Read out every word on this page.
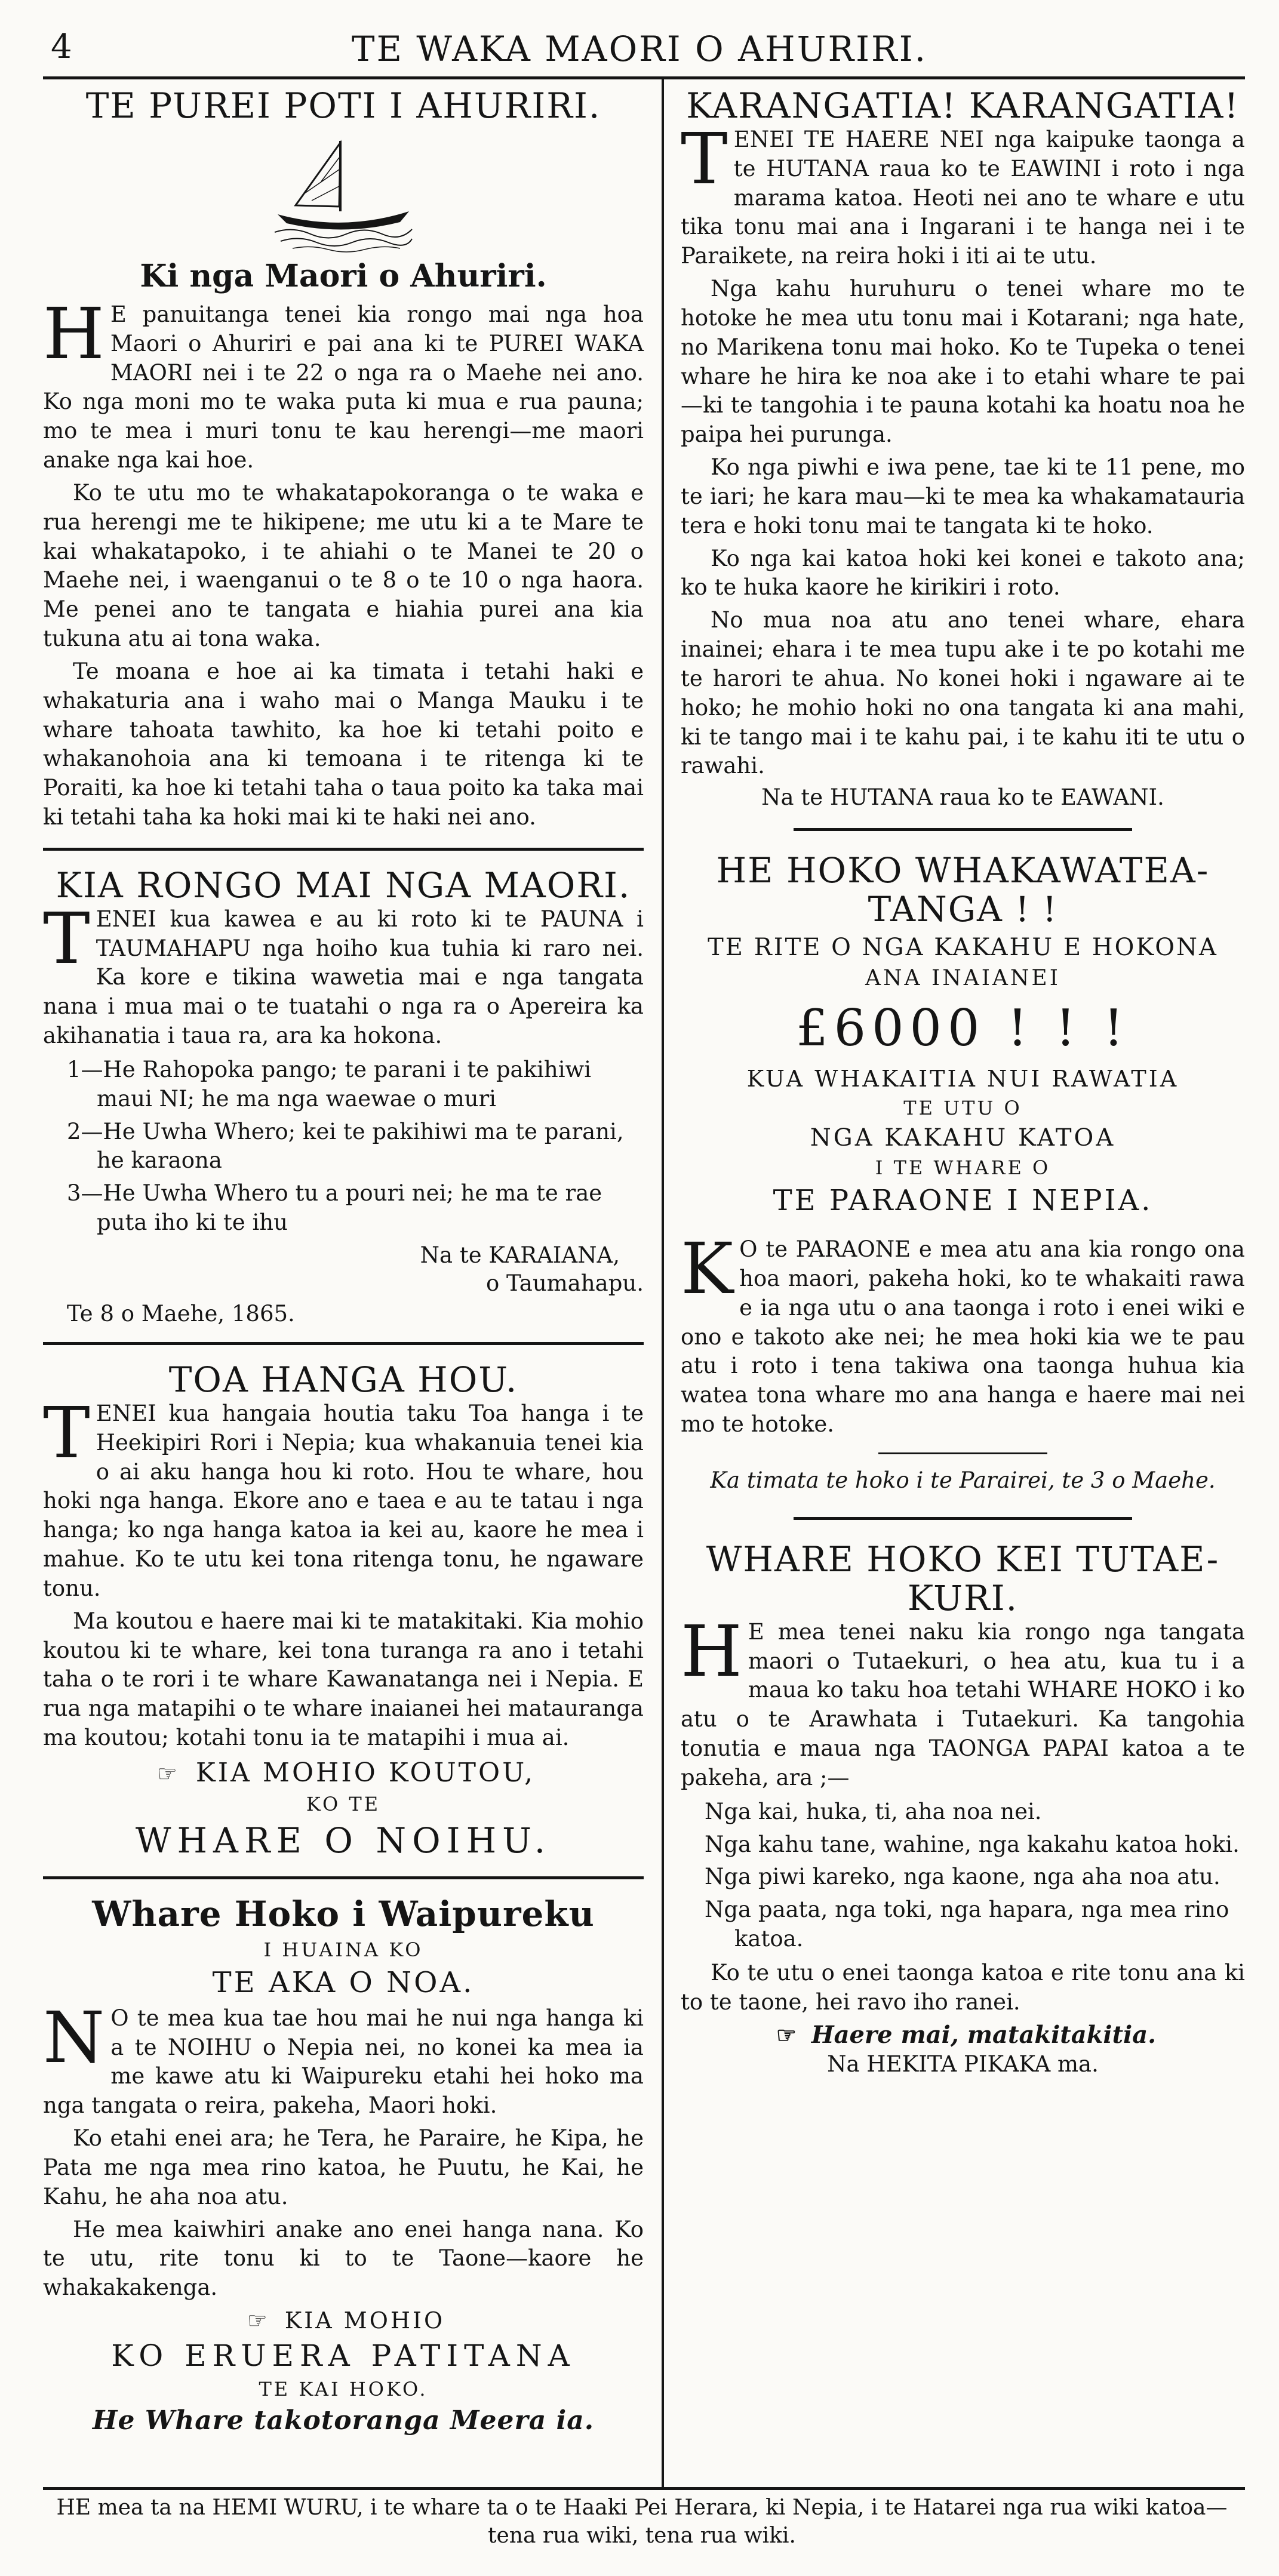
4	TE WAKA MAORI O AHURIRI.
TE PUREI POTI I AHURIRI.
Ki nga Maori o Ahuriri.

H E panuitanga tenei kia rongo mai nga hoa Maori o Ahuriri e pai ana ki te PUREI WAKA MAORI nei i te 22 o nga ra o Maehe nei ano. Ko nga moni mo te waka puta ki mua e rua pauna; mo te mea i muri tonu te kau herengi—me maori anake nga kai hoe.

Ko te utu mo te whakatapokoranga o te waka e rua herengi me te hikipene; me utu ki a te Mare te kai whakatapoko, i te ahiahi o te Manei te 20 o Maehe nei, i waenganui o te 8 o te 10 o nga haora. Me penei ano te tangata e hiahia purei ana kia tukuna atu ai tona waka.

Te moana e hoe ai ka timata i tetahi haki e whakaturia ana i waho mai o Manga Mauku i te whare tahoata tawhito, ka hoe ki tetahi poito e whakanohoia ana ki temoana i te ritenga ki te Poraiti, ka hoe ki tetahi taha o taua poito ka taka mai ki tetahi taha ka hoki mai ki te haki nei ano.

KIA RONGO MAI NGA MAORI.

TENEI kua kawea e au ki roto ki te PAUNA i TAUMAHAPU nga hoiho kua tuhia ki raro nei. Ka kore e tikina wawetia mai e nga tangata nana i mua mai o te tuatahi o nga ra o Apereira ka akihanatia i taua ra, ara ka hokona.

1—He Rahopoka pango; te parani i te pakihiwi maui NI; he ma nga waewae o muri
2—He Uwha Whero; kei te pakihiwi ma te parani, he karaona
3—He Uwha Whero tu a pouri nei; he ma te rae puta iho ki te ihu
Na te KARAIANA,
o Taumahapu.
Te 8 o Maehe, 1865.
TOA HANGA HOU.

TENEI kua hangaia houtia taku Toa hanga i te Heekipiri Rori i Nepia; kua whakanuia tenei kia o ai aku hanga hou ki roto. Hou te whare, hou hoki nga hanga. Ekore ano e taea e au te tatau i nga hanga; ko nga hanga katoa ia kei au, kaore he mea i mahue. Ko te utu kei tona ritenga tonu, he ngaware tonu.

Ma koutou e haere mai ki te matakitaki. Kia mohio koutou ki te whare, kei tona turanga ra ano i tetahi taha o te rori i te whare Kawanatanga nei i Nepia. E rua nga matapihi o te whare inaianei hei matauranga ma koutou; kotahi tonu ia te matapihi i mua ai.

☞ KIA MOHIO KOUTOU,
KO TE
WHARE O NOIHU.
Whare Hoko i Waipureku
I HUAINA KO
TE AKA O NOA.

N O te mea kua tae hou mai he nui nga hanga ki a te NOIHU o Nepia nei, no konei ka mea ia me kawe atu ki Waipureku etahi hei hoko ma nga tangata o reira, pakeha, Maori hoki.

Ko etahi enei ara; he Tera, he Paraire, he Kipa, he Pata me nga mea rino katoa, he Puutu, he Kai, he Kahu, he aha noa atu.

He mea kaiwhiri anake ano enei hanga nana. Ko te utu, rite tonu ki to te Taone—kaore he whakakakenga.

☞ KIA MOHIO
KO ERUERA PATITANA
TE KAI HOKO.
He Whare takotoranga Meera ia.
KARANGATIA! KARANGATIA!

TENEI TE HAERE NEI nga kaipuke taonga a te HUTANA raua ko te EAWINI i roto i nga marama katoa. Heoti nei ano te whare e utu tika tonu mai ana i Ingarani i te hanga nei i te Paraikete, na reira hoki i iti ai te utu.

Nga kahu huruhuru o tenei whare mo te hotoke he mea utu tonu mai i Kotarani; nga hate, no Marikena tonu mai hoko. Ko te Tupeka o tenei whare he hira ke noa ake i to etahi whare te pai —ki te tangohia i te pauna kotahi ka hoatu noa he paipa hei purunga.

Ko nga piwhi e iwa pene, tae ki te 11 pene, mo te iari; he kara mau—ki te mea ka whakamatauria tera e hoki tonu mai te tangata ki te hoko.

Ko nga kai katoa hoki kei konei e takoto ana; ko te huka kaore he kirikiri i roto.

No mua noa atu ano tenei whare, ehara inainei; ehara i te mea tupu ake i te po kotahi me te harori te ahua. No konei hoki i ngaware ai te hoko; he mohio hoki no ona tangata ki ana mahi, ki te tango mai i te kahu pai, i te kahu iti te utu o rawahi.

Na te HUTANA raua ko te EAWANI.
HE HOKO WHAKAWATEA-TANGA ! !
TE RITE O NGA KAKAHU E HOKONA
ANA INAIANEI
£6000 ! ! !
KUA WHAKAITIA NUI RAWATIA
TE UTU O
NGA KAKAHU KATOA
I TE WHARE O
TE PARAONE I NEPIA.

K O te PARAONE e mea atu ana kia rongo ona hoa maori, pakeha hoki, ko te whakaiti rawa e ia nga utu o ana taonga i roto i enei wiki e ono e takoto ake nei; he mea hoki kia we te pau atu i roto i tena takiwa ona taonga huhua kia watea tona whare mo ana hanga e haere mai nei mo te hotoke.

Ka timata te hoko i te Parairei, te 3 o Maehe.
WHARE HOKO KEI TUTAE-KURI.

H E mea tenei naku kia rongo nga tangata maori o Tutaekuri, o hea atu, kua tu i a maua ko taku hoa tetahi WHARE HOKO i ko atu o te Arawhata i Tutaekuri. Ka tangohia tonutia e maua nga TAONGA PAPAI katoa a te pakeha, ara ;—

Nga kai, huka, ti, aha noa nei.
Nga kahu tane, wahine, nga kakahu katoa hoki.
Nga piwi kareko, nga kaone, nga aha noa atu.
Nga paata, nga toki, nga hapara, nga mea rino katoa.

Ko te utu o enei taonga katoa e rite tonu ana ki to te taone, hei ravo iho ranei.

☞ Haere mai, matakitakitia.
Na HEKITA PIKAKA ma.
HE mea ta na HEMI WURU, i te whare ta o te Haaki Pei Herara, ki Nepia, i te Hatarei nga rua wiki katoa—tena rua wiki, tena rua wiki.
